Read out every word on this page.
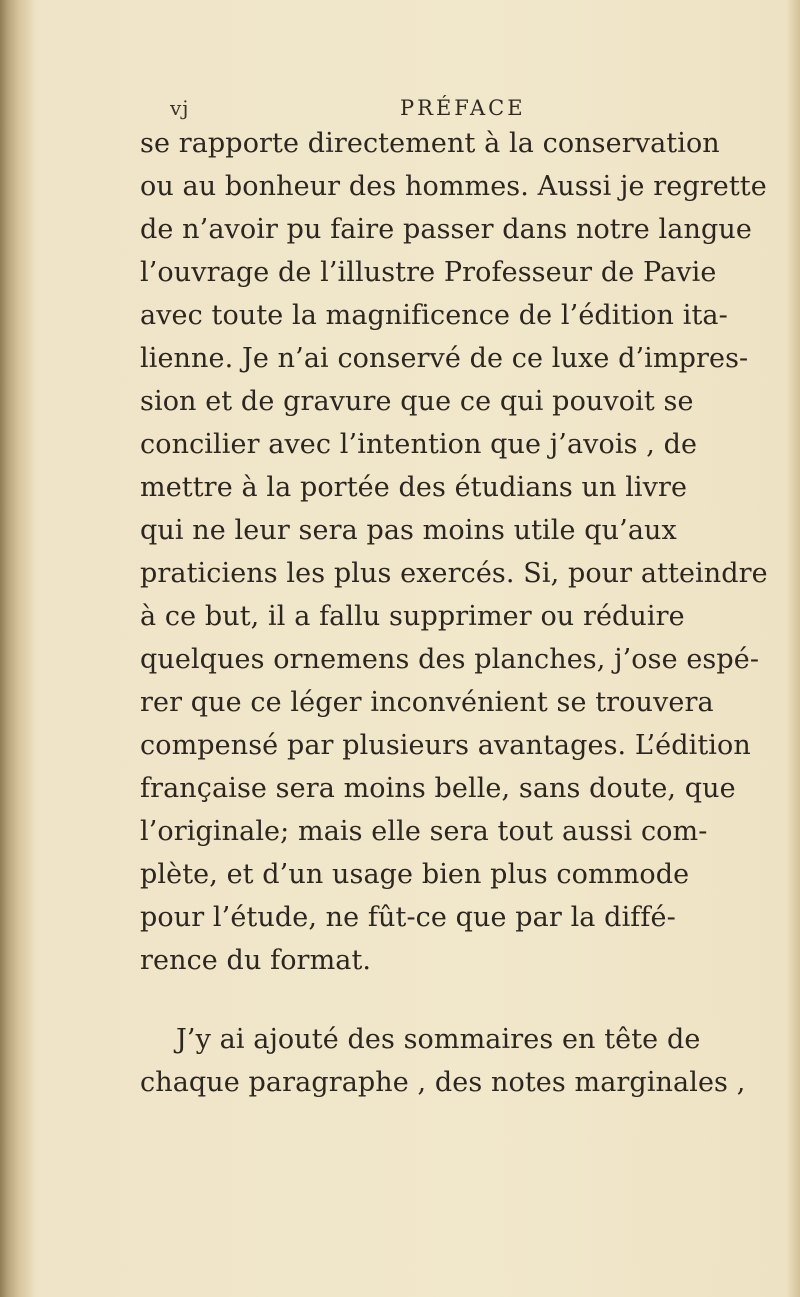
vj	PRÉFACE
se rapporte directement à la conservation
ou au bonheur des hommes. Aussi je regrette
de n’avoir pu faire passer dans notre langue
l’ouvrage de l’illustre Professeur de Pavie
avec toute la magnificence de l’édition ita-
lienne. Je n’ai conservé de ce luxe d’impres-
sion et de gravure que ce qui pouvoit se
concilier avec l’intention que j’avois , de
mettre à la portée des étudians un livre
qui ne leur sera pas moins utile qu’aux
praticiens les plus exercés. Si, pour atteindre
à ce but, il a fallu supprimer ou réduire
quelques ornemens des planches, j’ose espé-
rer que ce léger inconvénient se trouvera
compensé par plusieurs avantages. L’édition
française sera moins belle, sans doute, que
l’originale; mais elle sera tout aussi com-
plète, et d’un usage bien plus commode
pour l’étude, ne fût-ce que par la diffé-
rence du format.
J’y ai ajouté des sommaires en tête de
chaque paragraphe , des notes marginales ,
